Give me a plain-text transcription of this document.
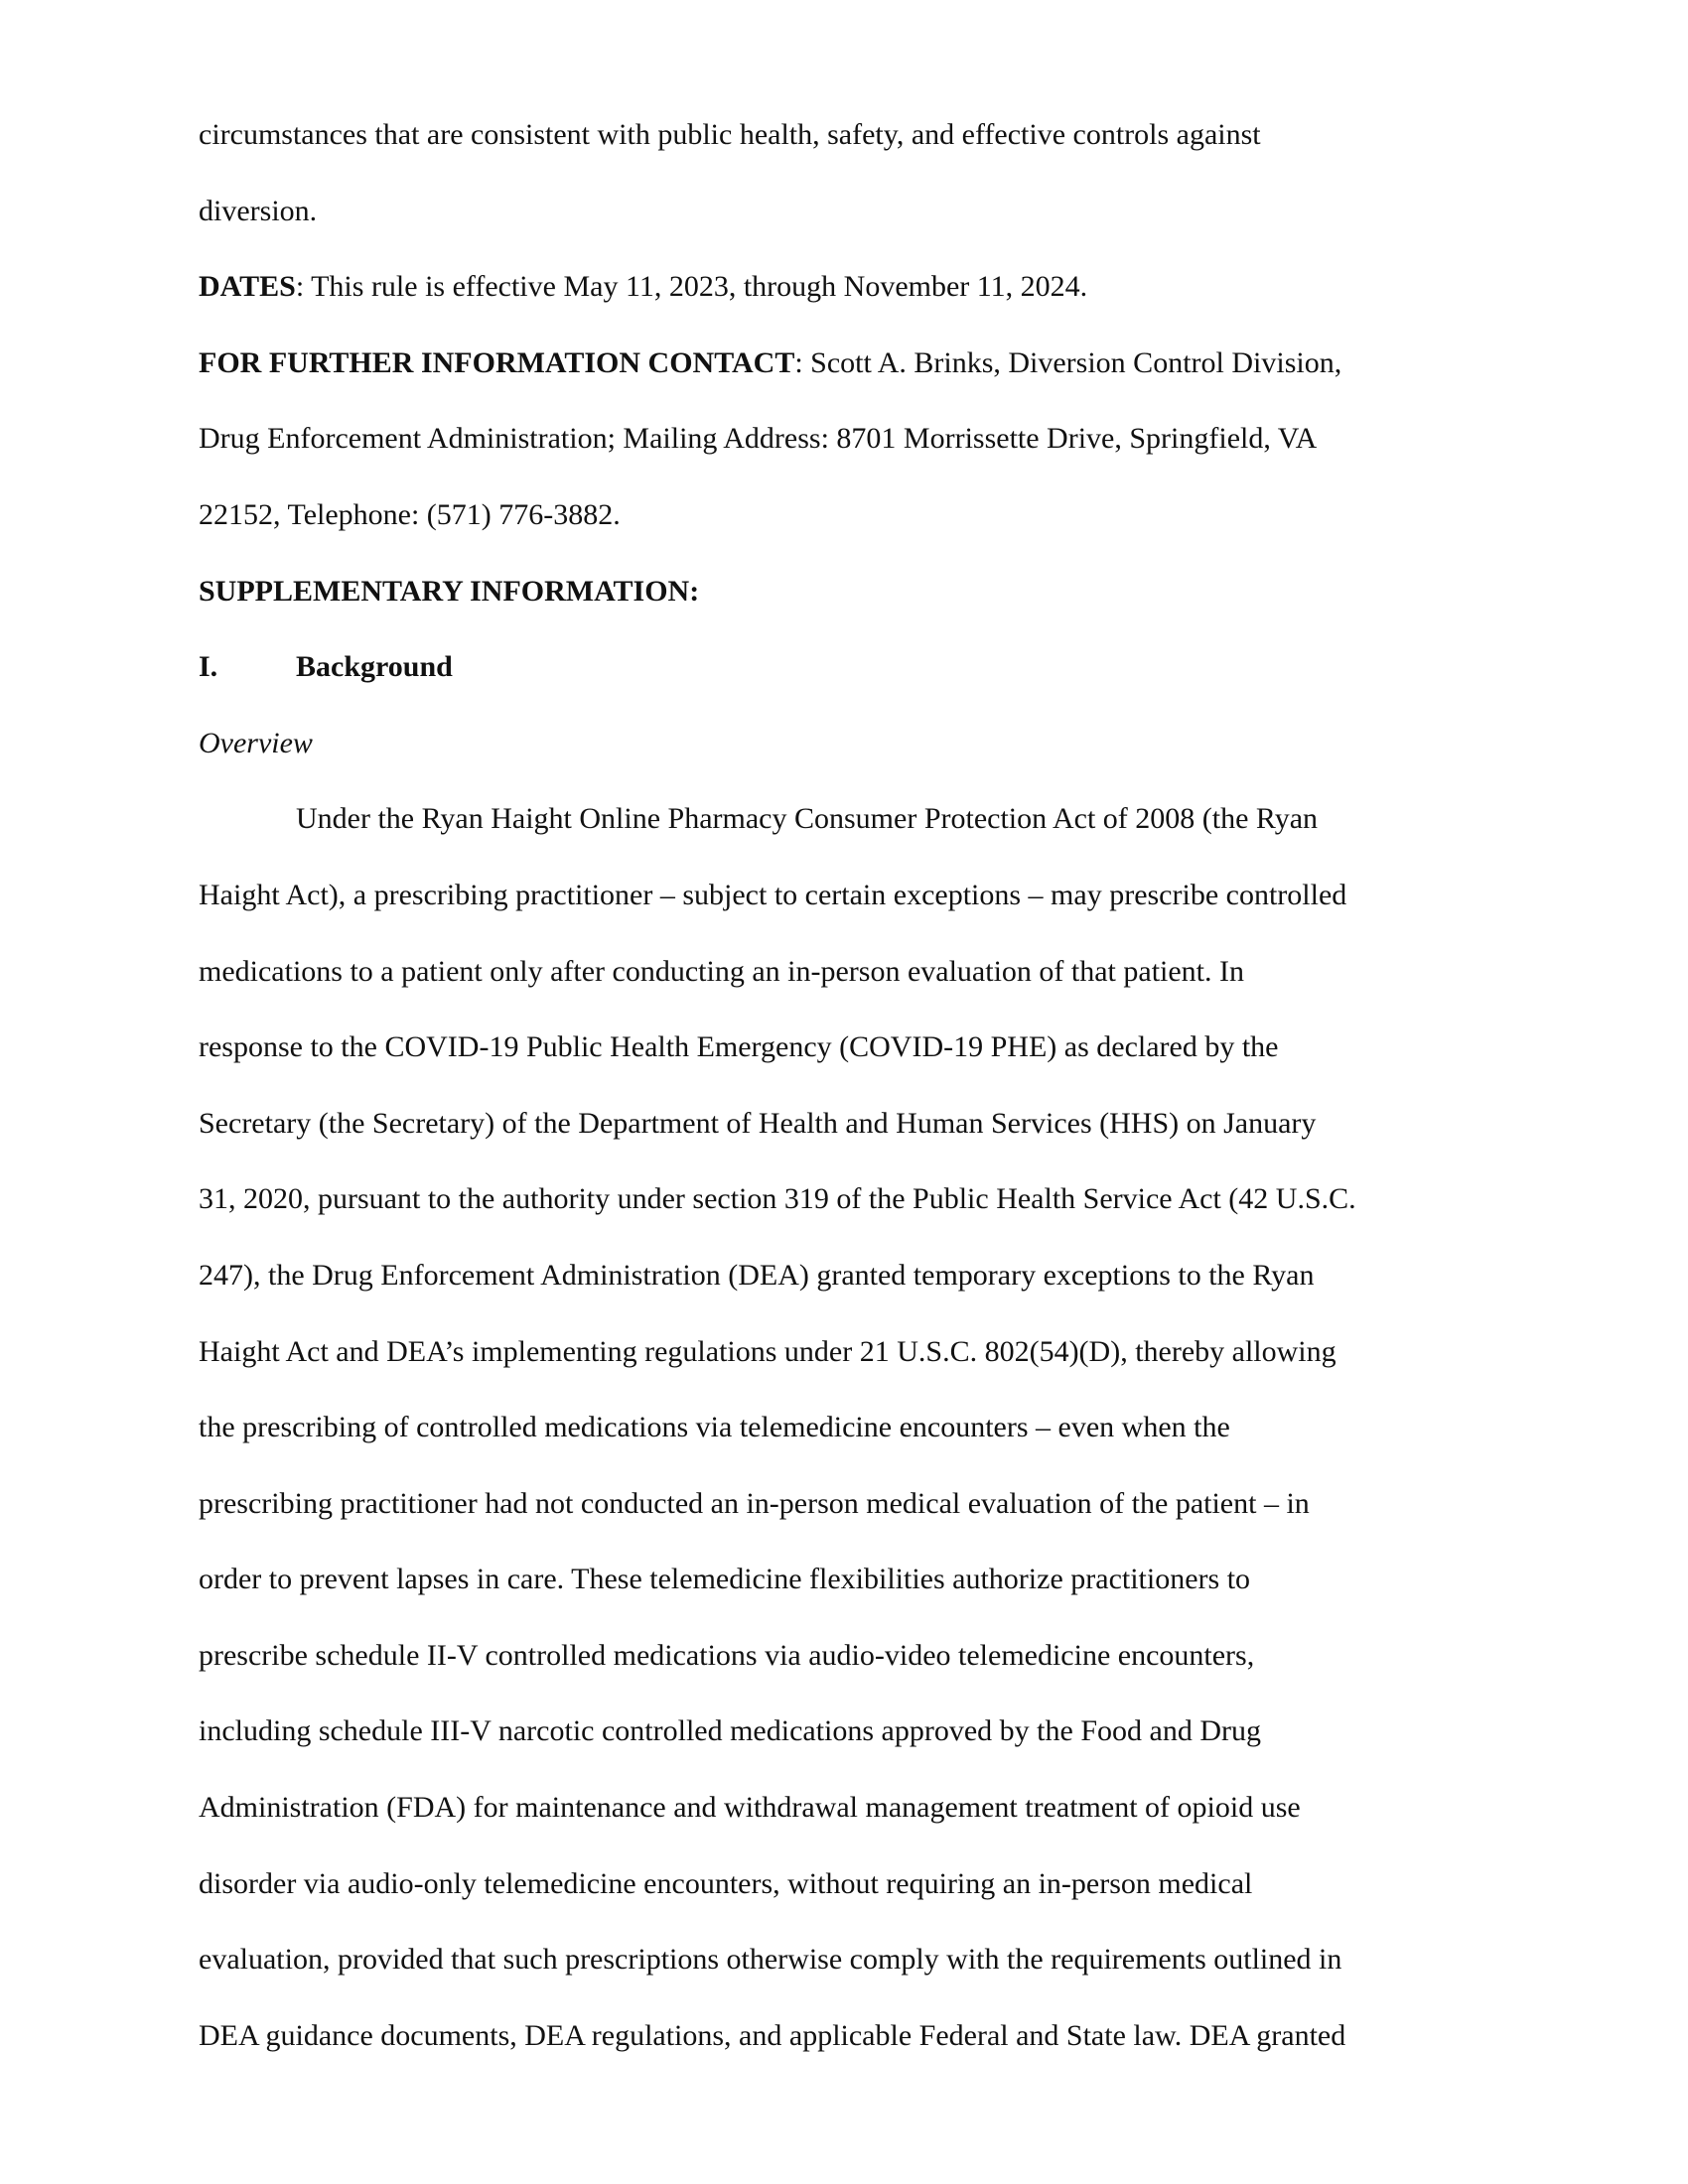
circumstances that are consistent with public health, safety, and effective controls against
diversion.
DATES: This rule is effective May 11, 2023, through November 11, 2024.
FOR FURTHER INFORMATION CONTACT: Scott A. Brinks, Diversion Control Division,
Drug Enforcement Administration; Mailing Address: 8701 Morrissette Drive, Springfield, VA
22152, Telephone: (571) 776-3882.
SUPPLEMENTARY INFORMATION:
I.	Background
Overview
Under the Ryan Haight Online Pharmacy Consumer Protection Act of 2008 (the Ryan
Haight Act), a prescribing practitioner – subject to certain exceptions – may prescribe controlled
medications to a patient only after conducting an in-person evaluation of that patient. In
response to the COVID-19 Public Health Emergency (COVID-19 PHE) as declared by the
Secretary (the Secretary) of the Department of Health and Human Services (HHS) on January
31, 2020, pursuant to the authority under section 319 of the Public Health Service Act (42 U.S.C.
247), the Drug Enforcement Administration (DEA) granted temporary exceptions to the Ryan
Haight Act and DEA’s implementing regulations under 21 U.S.C. 802(54)(D), thereby allowing
the prescribing of controlled medications via telemedicine encounters – even when the
prescribing practitioner had not conducted an in-person medical evaluation of the patient – in
order to prevent lapses in care. These telemedicine flexibilities authorize practitioners to
prescribe schedule II-V controlled medications via audio-video telemedicine encounters,
including schedule III-V narcotic controlled medications approved by the Food and Drug
Administration (FDA) for maintenance and withdrawal management treatment of opioid use
disorder via audio-only telemedicine encounters, without requiring an in-person medical
evaluation, provided that such prescriptions otherwise comply with the requirements outlined in
DEA guidance documents, DEA regulations, and applicable Federal and State law. DEA granted
